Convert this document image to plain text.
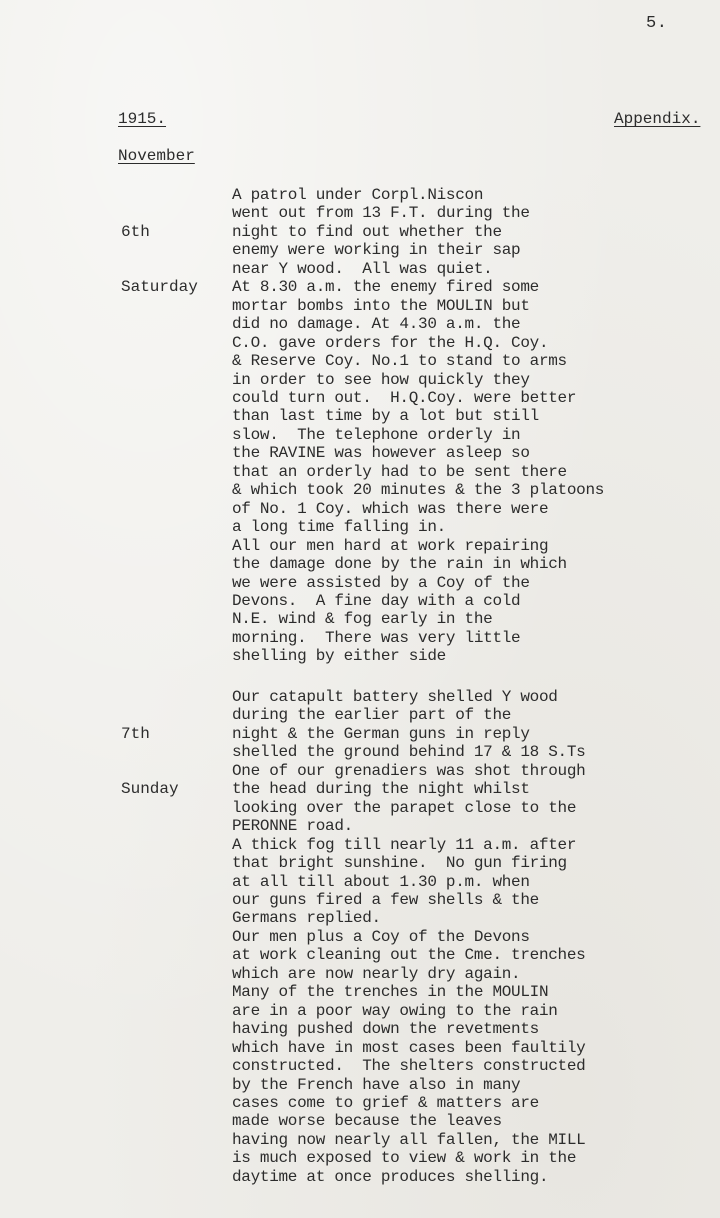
5.
1915.	Appendix.
November

6th

Saturday

A patrol under Corpl.Niscon
went out from 13 F.T. during the
night to find out whether the
enemy were working in their sap
near Y wood.  All was quiet.
At 8.30 a.m. the enemy fired some
mortar bombs into the MOULIN but
did no damage. At 4.30 a.m. the
C.O. gave orders for the H.Q. Coy.
& Reserve Coy. No.1 to stand to arms
in order to see how quickly they
could turn out.  H.Q.Coy. were better
than last time by a lot but still
slow.  The telephone orderly in
the RAVINE was however asleep so
that an orderly had to be sent there
& which took 20 minutes & the 3 platoons
of No. 1 Coy. which was there were
a long time falling in.
All our men hard at work repairing
the damage done by the rain in which
we were assisted by a Coy of the
Devons.  A fine day with a cold
N.E. wind & fog early in the
morning.  There was very little
shelling by either side

7th

Sunday

Our catapult battery shelled Y wood
during the earlier part of the
night & the German guns in reply
shelled the ground behind 17 & 18 S.Ts
One of our grenadiers was shot through
the head during the night whilst
looking over the parapet close to the
PERONNE road.
A thick fog till nearly 11 a.m. after
that bright sunshine.  No gun firing
at all till about 1.30 p.m. when
our guns fired a few shells & the
Germans replied.
Our men plus a Coy of the Devons
at work cleaning out the Cme. trenches
which are now nearly dry again.
Many of the trenches in the MOULIN
are in a poor way owing to the rain
having pushed down the revetments
which have in most cases been faultily
constructed.  The shelters constructed
by the French have also in many
cases come to grief & matters are
made worse because the leaves
having now nearly all fallen, the MILL
is much exposed to view & work in the
daytime at once produces shelling.
